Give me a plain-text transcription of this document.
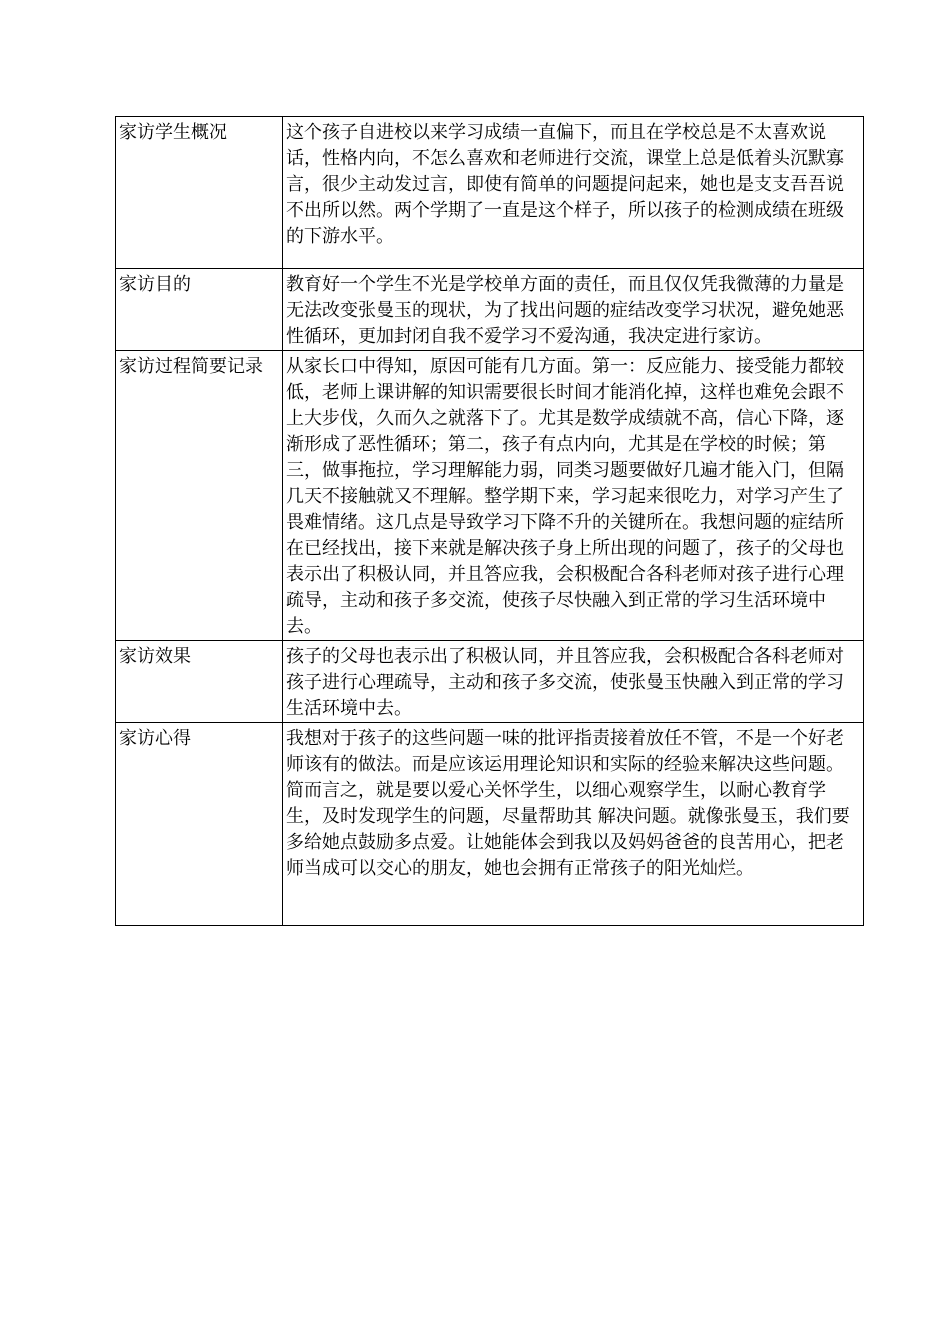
家访学生概况	这个孩子自进校以来学习成绩一直偏下，而且在学校总是不太喜欢说话，性格内向，不怎么喜欢和老师进行交流，课堂上总是低着头沉默寡言，很少主动发过言，即使有简单的问题提问起来，她也是支支吾吾说不出所以然。两个学期了一直是这个样子，所以孩子的检测成绩在班级的下游水平。
家访目的	教育好一个学生不光是学校单方面的责任，而且仅仅凭我微薄的力量是无法改变张曼玉的现状，为了找出问题的症结改变学习状况，避免她恶性循环，更加封闭自我不爱学习不爱沟通，我决定进行家访。
家访过程简要记录	从家长口中得知，原因可能有几方面。第一：反应能力、接受能力都较低，老师上课讲解的知识需要很长时间才能消化掉，这样也难免会跟不上大步伐，久而久之就落下了。尤其是数学成绩就不高，信心下降，逐渐形成了恶性循环；第二，孩子有点内向，尤其是在学校的时候；第三，做事拖拉，学习理解能力弱，同类习题要做好几遍才能入门，但隔几天不接触就又不理解。整学期下来，学习起来很吃力，对学习产生了畏难情绪。这几点是导致学习下降不升的关键所在。我想问题的症结所在已经找出，接下来就是解决孩子身上所出现的问题了，孩子的父母也表示出了积极认同，并且答应我，会积极配合各科老师对孩子进行心理疏导，主动和孩子多交流，使孩子尽快融入到正常的学习生活环境中去。
家访效果	孩子的父母也表示出了积极认同，并且答应我，会积极配合各科老师对孩子进行心理疏导，主动和孩子多交流，使张曼玉快融入到正常的学习生活环境中去。
家访心得	我想对于孩子的这些问题一味的批评指责接着放任不管，不是一个好老师该有的做法。而是应该运用理论知识和实际的经验来解决这些问题。简而言之，就是要以爱心关怀学生，以细心观察学生，以耐心教育学生，及时发现学生的问题，尽量帮助其 解决问题。就像张曼玉，我们要多给她点鼓励多点爱。让她能体会到我以及妈妈爸爸的良苦用心，把老师当成可以交心的朋友，她也会拥有正常孩子的阳光灿烂。
